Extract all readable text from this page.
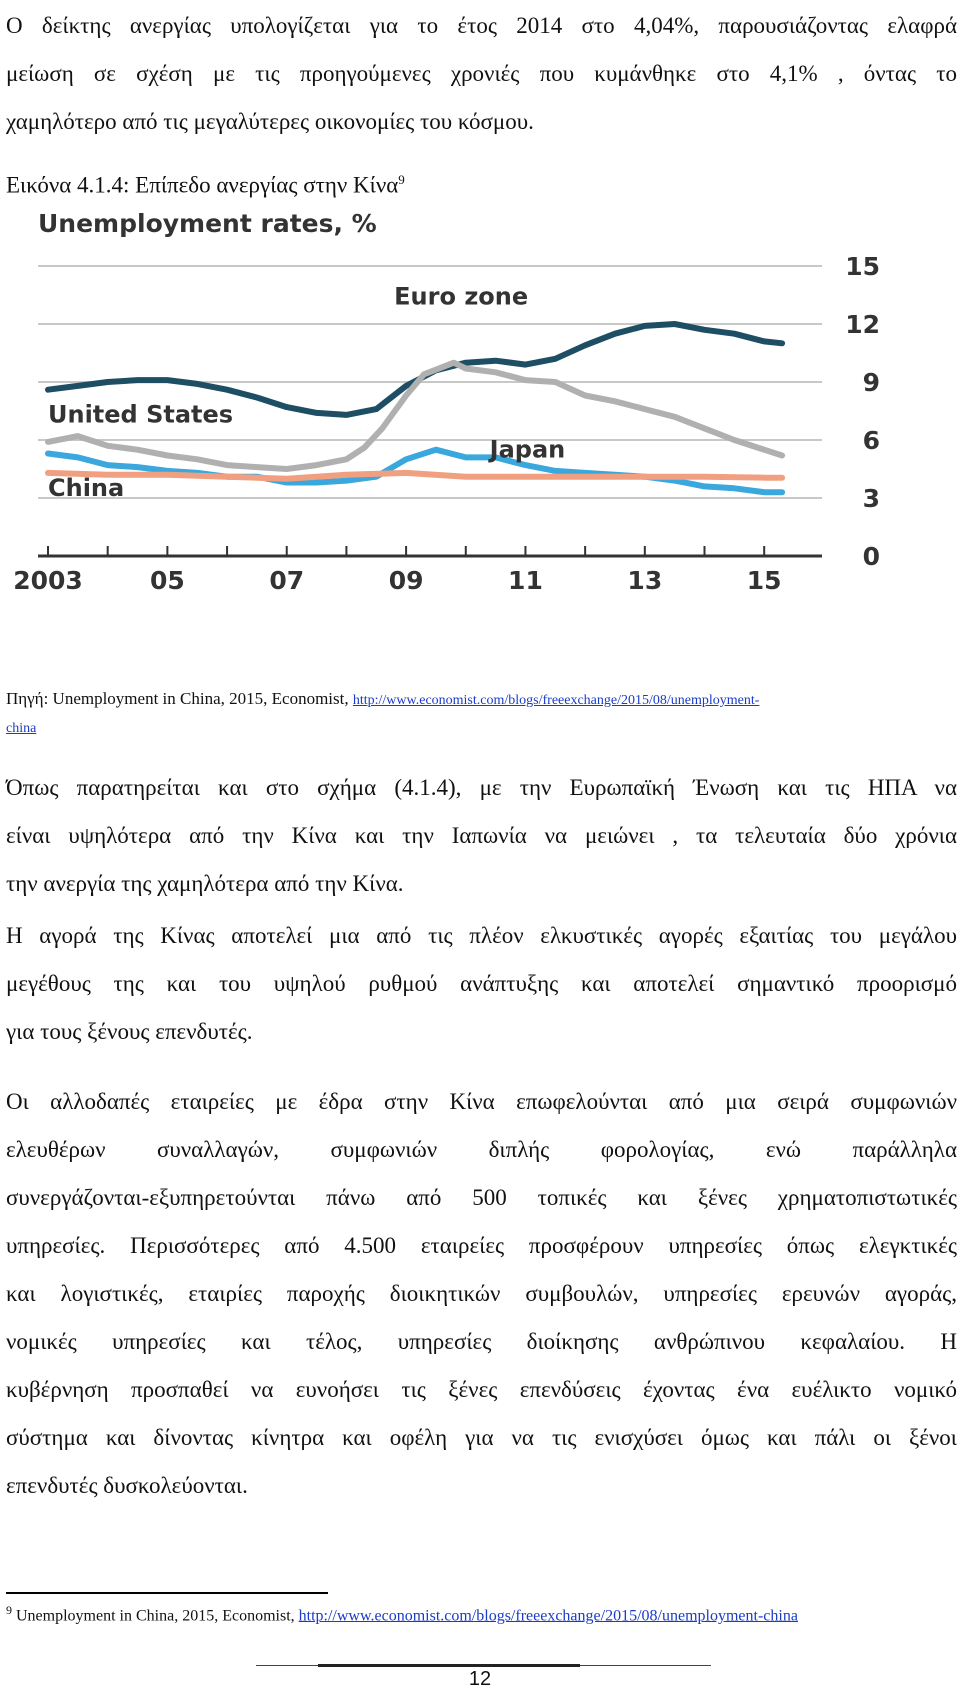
Ο δείκτης ανεργίας υπολογίζεται για το έτος 2014 στο 4,04%, παρουσιάζοντας ελαφρά
μείωση σε σχέση με τις προηγούμενες χρονιές που κυμάνθηκε στο 4,1% , όντας το
χαμηλότερο από τις μεγαλύτερες οικονομίες του κόσμου.

Εικόνα 4.1.4: Επίπεδο ανεργίας στην Κίνα$^9$
Unemployment rates, %
0
3
6
9
12
15
2003	05	07	09	11	13	15
Euro zone
United States
Japan
China
Πηγή: Unemployment in China, 2015, Economist, http://www.economist.com/blogs/freeexchange/2015/08/unemployment-
china

Όπως παρατηρείται και στο σχήμα (4.1.4), με την Ευρωπαϊκή Ένωση και τις ΗΠΑ να
είναι υψηλότερα από την Κίνα και την Ιαπωνία να μειώνει , τα τελευταία δύο χρόνια
την ανεργία της χαμηλότερα από την Κίνα.

Η αγορά της Κίνας αποτελεί μια από τις πλέον ελκυστικές αγορές εξαιτίας του μεγάλου
μεγέθους της και του υψηλού ρυθμού ανάπτυξης και αποτελεί σημαντικό προορισμό
για τους ξένους επενδυτές.

Οι αλλοδαπές εταιρείες με έδρα στην Κίνα επωφελούνται από μια σειρά συμφωνιών
ελευθέρων συναλλαγών, συμφωνιών διπλής φορολογίας, ενώ παράλληλα
συνεργάζονται-εξυπηρετούνται πάνω από 500 τοπικές και ξένες χρηματοπιστωτικές
υπηρεσίες. Περισσότερες από 4.500 εταιρείες προσφέρουν υπηρεσίες όπως ελεγκτικές
και λογιστικές, εταιρίες παροχής διοικητικών συμβουλών, υπηρεσίες ερευνών αγοράς,
νομικές υπηρεσίες και τέλος, υπηρεσίες διοίκησης ανθρώπινου κεφαλαίου. Η
κυβέρνηση προσπαθεί να ευνοήσει τις ξένες επενδύσεις έχοντας ένα ευέλικτο νομικό
σύστημα και δίνοντας κίνητρα και οφέλη για να τις ενισχύσει όμως και πάλι οι ξένοι
επενδυτές δυσκολεύονται.

$^9$ Unemployment in China, 2015, Economist, http://www.economist.com/blogs/freeexchange/2015/08/unemployment-china
12
